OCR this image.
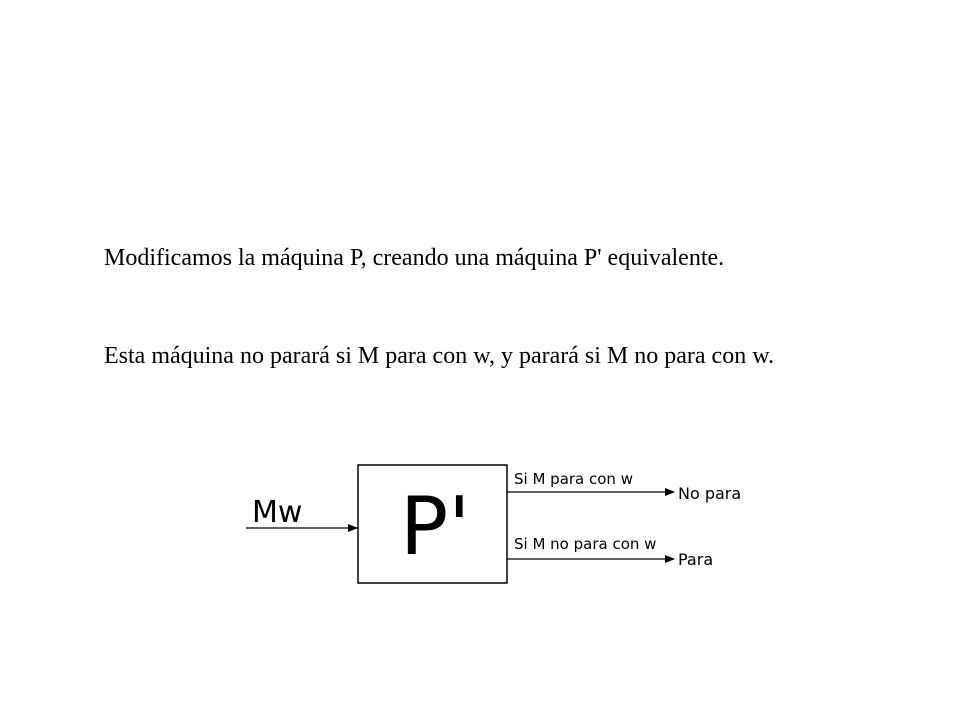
Modificamos la máquina P, creando una máquina P' equivalente.

Esta máquina no parará si M para con w, y parará si M no para con w.

Mw P'
Si M para con w
No para
Si M no para con w
Para
